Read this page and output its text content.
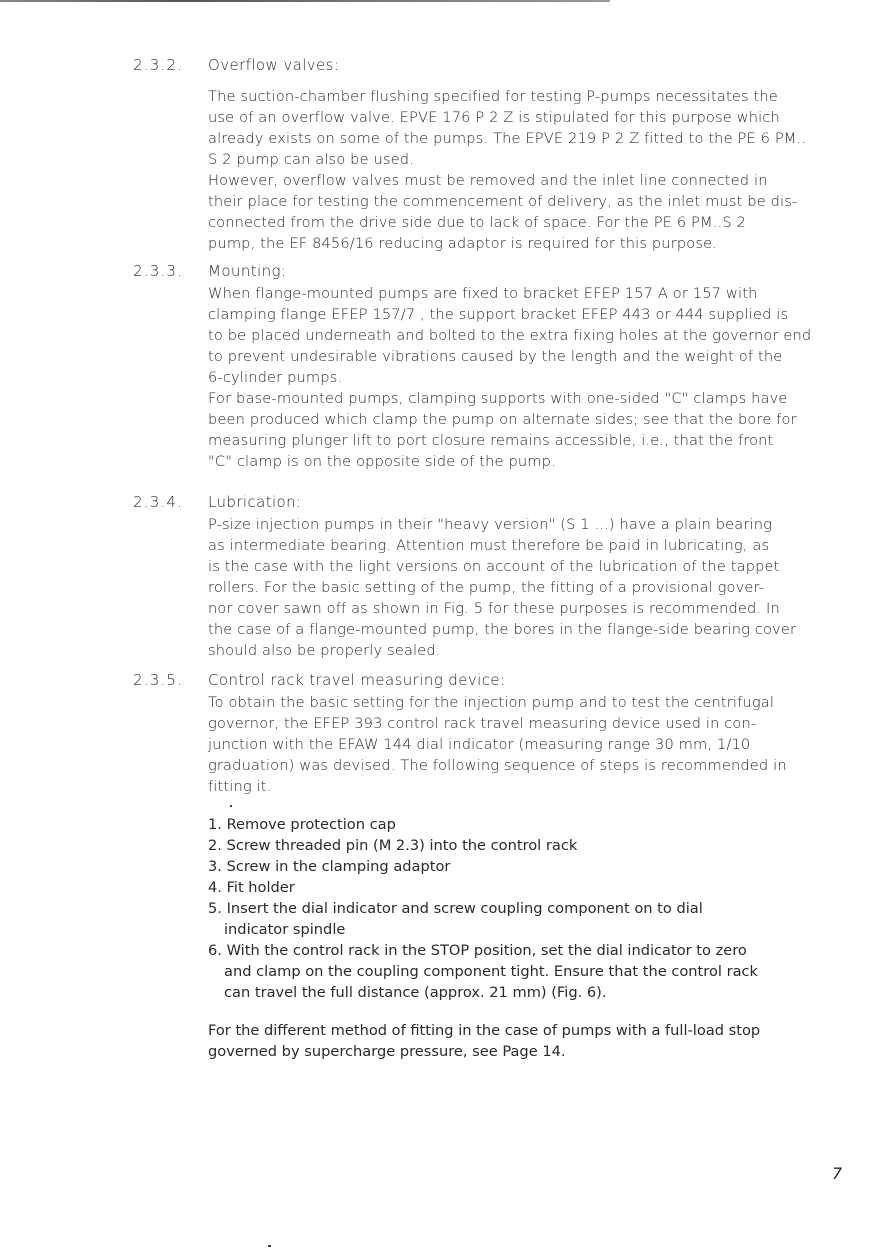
2.3.2. Overflow valves:
The suction-chamber flushing specified for testing P-pumps necessitates the
use of an overflow valve. EPVE 176 P 2 Z is stipulated for this purpose which
already exists on some of the pumps. The EPVE 219 P 2 Z fitted to the PE 6 PM..
S 2 pump can also be used.
However, overflow valves must be removed and the inlet line connected in
their place for testing the commencement of delivery, as the inlet must be dis-
connected from the drive side due to lack of space. For the PE 6 PM..S 2
pump, the EF 8456/16 reducing adaptor is required for this purpose.
2.3.3. Mounting:
When flange-mounted pumps are fixed to bracket EFEP 157 A or 157 with
clamping flange EFEP 157/7 , the support bracket EFEP 443 or 444 supplied is
to be placed underneath and bolted to the extra fixing holes at the governor end
to prevent undesirable vibrations caused by the length and the weight of the
6-cylinder pumps.
For base-mounted pumps, clamping supports with one-sided "C" clamps have
been produced which clamp the pump on alternate sides; see that the bore for
measuring plunger lift to port closure remains accessible, i.e., that the front
"C" clamp is on the opposite side of the pump.
2.3.4. Lubrication:
P-size injection pumps in their "heavy version" (S 1 ...) have a plain bearing
as intermediate bearing. Attention must therefore be paid in lubricating, as
is the case with the light versions on account of the lubrication of the tappet
rollers. For the basic setting of the pump, the fitting of a provisional gover-
nor cover sawn off as shown in Fig. 5 for these purposes is recommended. In
the case of a flange-mounted pump, the bores in the flange-side bearing cover
should also be properly sealed.
2.3.5. Control rack travel measuring device:
To obtain the basic setting for the injection pump and to test the centrifugal
governor, the EFEP 393 control rack travel measuring device used in con-
junction with the EFAW 144 dial indicator (measuring range 30 mm, 1/10
graduation) was devised. The following sequence of steps is recommended in
fitting it.
1. Remove protection cap
2. Screw threaded pin (M 2.3) into the control rack
3. Screw in the clamping adaptor
4. Fit holder
5. Insert the dial indicator and screw coupling component on to dial
indicator spindle
6. With the control rack in the STOP position, set the dial indicator to zero
and clamp on the coupling component tight. Ensure that the control rack
can travel the full distance (approx. 21 mm) (Fig. 6).
For the different method of fitting in the case of pumps with a full-load stop
governed by supercharge pressure, see Page 14.
7
